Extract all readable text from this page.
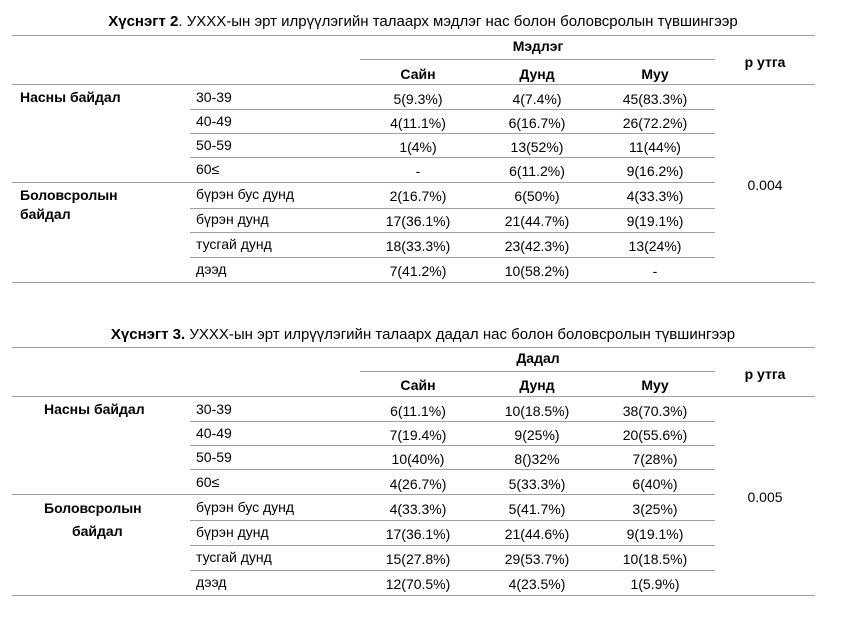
Хүснэгт 2. УХХХ-ын эрт илрүүлэгийн талаарх мэдлэг нас болон боловсролын түвшингээр
Мэдлэг
p утга
Сайн	Дунд	Муу
Насны байдал	30-39	5(9.3%)	4(7.4%)	45(83.3%)
40-49	4(11.1%)	6(16.7%)	26(72.2%)
50-59	1(4%)	13(52%)	11(44%)
60≤	-	6(11.2%)	9(16.2%)
0.004
Боловсролын
байдал
бүрэн бус дунд	2(16.7%)	6(50%)	4(33.3%)
бүрэн дунд	17(36.1%)	21(44.7%)	9(19.1%)
тусгай дунд	18(33.3%)	23(42.3%)	13(24%)
дээд	7(41.2%)	10(58.2%)	-
Хүснэгт 3. УХХХ-ын эрт илрүүлэгийн талаарх дадал нас болон боловсролын түвшингээр
Дадал
p утга
Сайн	Дунд	Муу
Насны байдал	30-39	6(11.1%)	10(18.5%)	38(70.3%)
40-49	7(19.4%)	9(25%)	20(55.6%)
50-59	10(40%)	8()32%	7(28%)
60≤	4(26.7%)	5(33.3%)	6(40%)
0.005
Боловсролын
байдал
бүрэн бус дунд	4(33.3%)	5(41.7%)	3(25%)
бүрэн дунд	17(36.1%)	21(44.6%)	9(19.1%)
тусгай дунд	15(27.8%)	29(53.7%)	10(18.5%)
дээд	12(70.5%)	4(23.5%)	1(5.9%)
